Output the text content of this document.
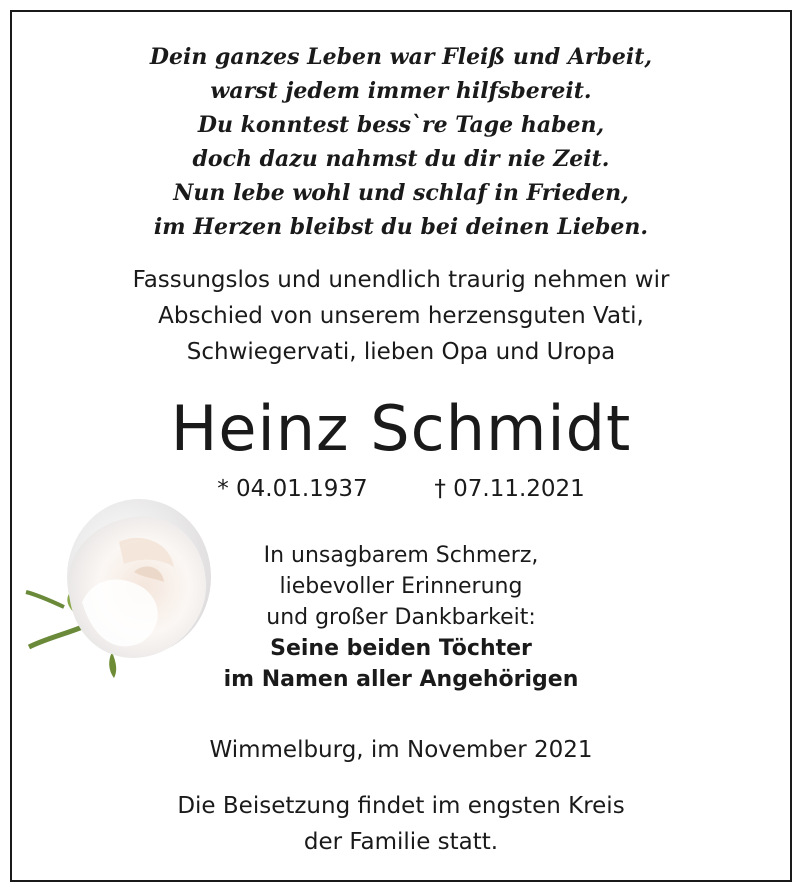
Dein ganzes Leben war Fleiß und Arbeit,
warst jedem immer hilfsbereit.
Du konntest bess`re Tage haben,
doch dazu nahmst du dir nie Zeit.
Nun lebe wohl und schlaf in Frieden,
im Herzen bleibst du bei deinen Lieben.
Fassungslos und unendlich traurig nehmen wir
Abschied von unserem herzensguten Vati,
Schwiegervati, lieben Opa und Uropa
Heinz Schmidt
* 04.01.1937	† 07.11.2021
In unsagbarem Schmerz,
liebevoller Erinnerung
und großer Dankbarkeit:
Seine beiden Töchter
im Namen aller Angehörigen
Wimmelburg, im November 2021
Die Beisetzung findet im engsten Kreis
der Familie statt.
